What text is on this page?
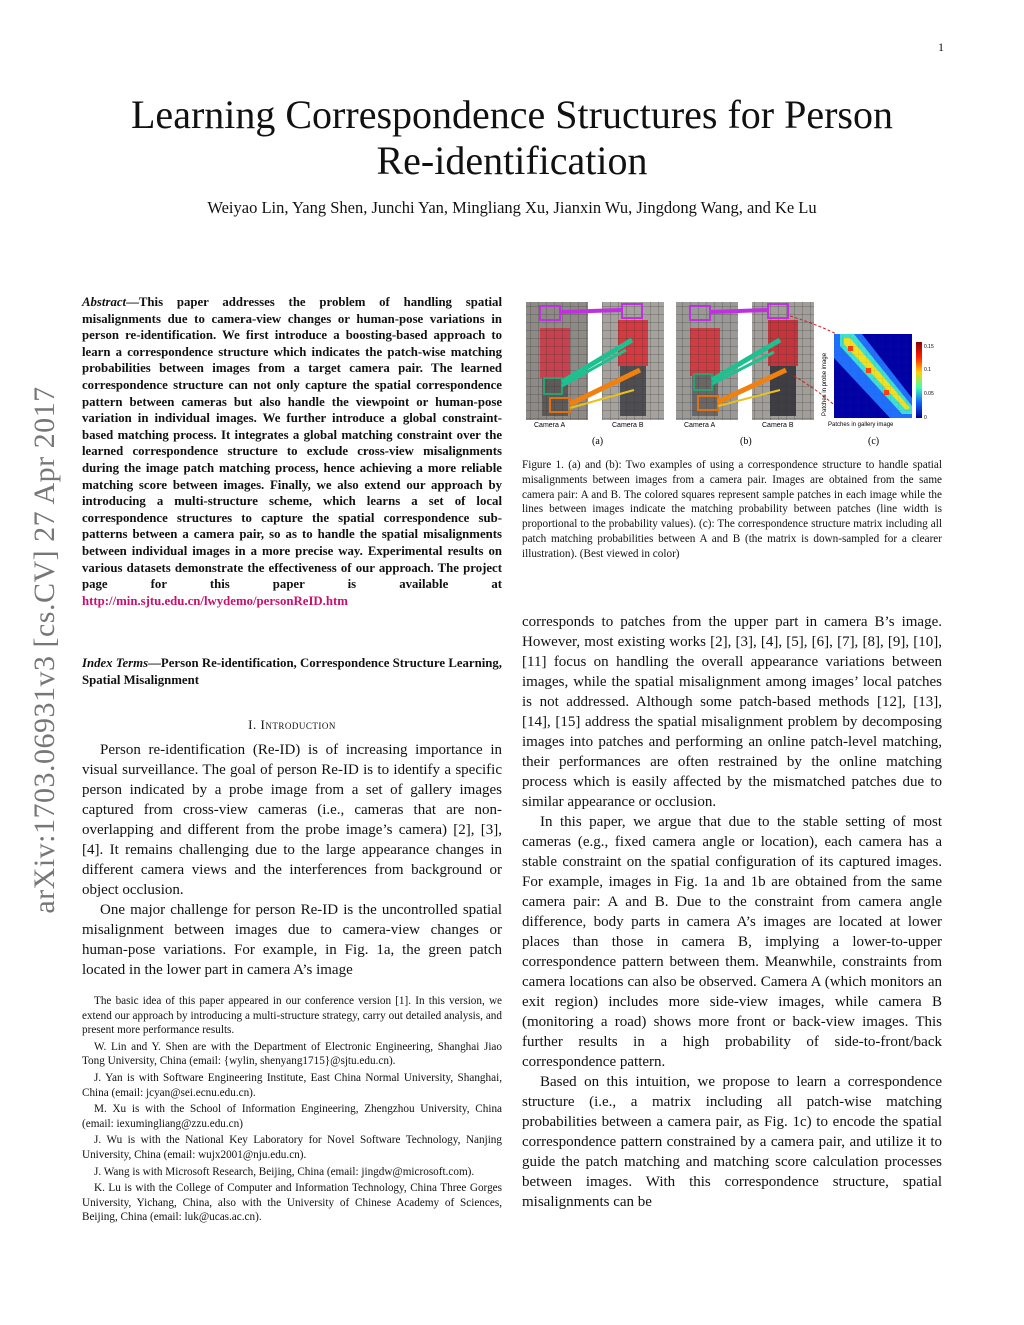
1
Learning Correspondence Structures for Person
Re-identification
Weiyao Lin, Yang Shen, Junchi Yan, Mingliang Xu, Jianxin Wu, Jingdong Wang, and Ke Lu
arXiv:1703.06931v3 [cs.CV] 27 Apr 2017
Abstract—This paper addresses the problem of handling spatial misalignments due to camera-view changes or human-pose variations in person re-identification. We first introduce a boosting-based approach to learn a correspondence structure which indicates the patch-wise matching probabilities between images from a target camera pair. The learned correspondence structure can not only capture the spatial correspondence pattern between cameras but also handle the viewpoint or human-pose variation in individual images. We further introduce a global constraint-based matching process. It integrates a global matching constraint over the learned correspondence structure to exclude cross-view misalignments during the image patch matching process, hence achieving a more reliable matching score between images. Finally, we also extend our approach by introducing a multi-structure scheme, which learns a set of local correspondence structures to capture the spatial correspondence sub-patterns between a camera pair, so as to handle the spatial misalignments between individual images in a more precise way. Experimental results on various datasets demonstrate the effectiveness of our approach. The project page for this paper is available at http://min.sjtu.edu.cn/lwydemo/personReID.htm
Index Terms—Person Re-identification, Correspondence Structure Learning, Spatial Misalignment
I. Introduction

Person re-identification (Re-ID) is of increasing importance in visual surveillance. The goal of person Re-ID is to identify a specific person indicated by a probe image from a set of gallery images captured from cross-view cameras (i.e., cameras that are non-overlapping and different from the probe image’s camera) [2], [3], [4]. It remains challenging due to the large appearance changes in different camera views and the interferences from background or object occlusion.

One major challenge for person Re-ID is the uncontrolled spatial misalignment between images due to camera-view changes or human-pose variations. For example, in Fig. 1a, the green patch located in the lower part in camera A’s image

The basic idea of this paper appeared in our conference version [1]. In this version, we extend our approach by introducing a multi-structure strategy, carry out detailed analysis, and present more performance results.

W. Lin and Y. Shen are with the Department of Electronic Engineering, Shanghai Jiao Tong University, China (email: {wylin, shenyang1715}@sjtu.edu.cn).

J. Yan is with Software Engineering Institute, East China Normal University, Shanghai, China (email: jcyan@sei.ecnu.edu.cn).

M. Xu is with the School of Information Engineering, Zhengzhou University, China (email: iexumingliang@zzu.edu.cn)

J. Wu is with the National Key Laboratory for Novel Software Technology, Nanjing University, China (email: wujx2001@nju.edu.cn).

J. Wang is with Microsoft Research, Beijing, China (email: jingdw@microsoft.com).

K. Lu is with the College of Computer and Information Technology, China Three Gorges University, Yichang, China, also with the University of Chinese Academy of Sciences, Beijing, China (email: luk@ucas.ac.cn).

0.15
0.1
0.05
0
Patches in probe image
Patches in gallery image
Camera A	Camera B	Camera A	Camera B
(a)	(b)	(c)
Figure 1. (a) and (b): Two examples of using a correspondence structure to handle spatial misalignments between images from a camera pair. Images are obtained from the same camera pair: A and B. The colored squares represent sample patches in each image while the lines between images indicate the matching probability between patches (line width is proportional to the probability values). (c): The correspondence structure matrix including all patch matching probabilities between A and B (the matrix is down-sampled for a clearer illustration). (Best viewed in color)

corresponds to patches from the upper part in camera B’s image. However, most existing works [2], [3], [4], [5], [6], [7], [8], [9], [10], [11] focus on handling the overall appearance variations between images, while the spatial misalignment among images’ local patches is not addressed. Although some patch-based methods [12], [13], [14], [15] address the spatial misalignment problem by decomposing images into patches and performing an online patch-level matching, their performances are often restrained by the online matching process which is easily affected by the mismatched patches due to similar appearance or occlusion.

In this paper, we argue that due to the stable setting of most cameras (e.g., fixed camera angle or location), each camera has a stable constraint on the spatial configuration of its captured images. For example, images in Fig. 1a and 1b are obtained from the same camera pair: A and B. Due to the constraint from camera angle difference, body parts in camera A’s images are located at lower places than those in camera B, implying a lower-to-upper correspondence pattern between them. Meanwhile, constraints from camera locations can also be observed. Camera A (which monitors an exit region) includes more side-view images, while camera B (monitoring a road) shows more front or back-view images. This further results in a high probability of side-to-front/back correspondence pattern.

Based on this intuition, we propose to learn a correspondence structure (i.e., a matrix including all patch-wise matching probabilities between a camera pair, as Fig. 1c) to encode the spatial correspondence pattern constrained by a camera pair, and utilize it to guide the patch matching and matching score calculation processes between images. With this correspondence structure, spatial misalignments can be
